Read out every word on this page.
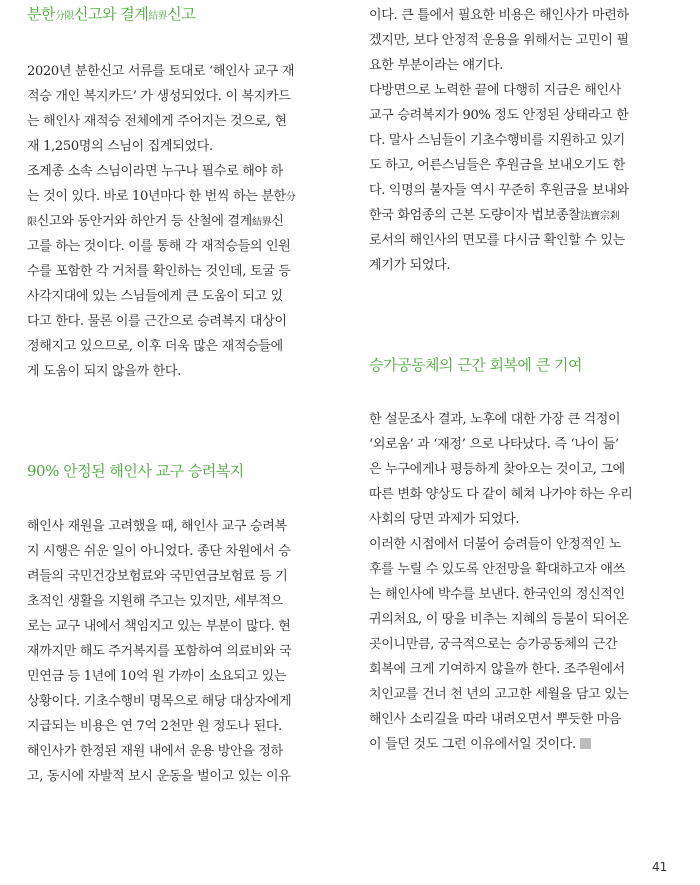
분한分限신고와 결계結界신고
2020년 분한신고 서류를 토대로 ‘해인사 교구 재
적승 개인 복지카드’ 가 생성되었다. 이 복지카드
는 해인사 재적승 전체에게 주어지는 것으로, 현
재 1,250명의 스님이 집계되었다.
조계종 소속 스님이라면 누구나 필수로 해야 하
는 것이 있다. 바로 10년마다 한 번씩 하는 분한分
限신고와 동안거와 하안거 등 산철에 결계結界신
고를 하는 것이다. 이를 통해 각 재적승들의 인원
수를 포함한 각 거처를 확인하는 것인데, 토굴 등
사각지대에 있는 스님들에게 큰 도움이 되고 있
다고 한다. 물론 이를 근간으로 승려복지 대상이
정해지고 있으므로, 이후 더욱 많은 재적승들에
게 도움이 되지 않을까 한다.
90% 안정된 해인사 교구 승려복지
해인사 재원을 고려했을 때, 해인사 교구 승려복
지 시행은 쉬운 일이 아니었다. 종단 차원에서 승
려들의 국민건강보험료와 국민연금보험료 등 기
초적인 생활을 지원해 주고는 있지만, 세부적으
로는 교구 내에서 책임지고 있는 부분이 많다. 현
재까지만 해도 주거복지를 포함하여 의료비와 국
민연금 등 1년에 10억 원 가까이 소요되고 있는
상황이다. 기초수행비 명목으로 해당 대상자에게
지급되는 비용은 연 7억 2천만 원 정도나 된다.
해인사가 한정된 재원 내에서 운용 방안을 정하
고, 동시에 자발적 보시 운동을 벌이고 있는 이유
이다. 큰 틀에서 필요한 비용은 해인사가 마련하
겠지만, 보다 안정적 운용을 위해서는 고민이 필
요한 부분이라는 얘기다.
다방면으로 노력한 끝에 다행히 지금은 해인사
교구 승려복지가 90% 정도 안정된 상태라고 한
다. 말사 스님들이 기초수행비를 지원하고 있기
도 하고, 어른스님들은 후원금을 보내오기도 한
다. 익명의 불자들 역시 꾸준히 후원금을 보내와
한국 화엄종의 근본 도량이자 법보종찰法寶宗剎
로서의 해인사의 면모를 다시금 확인할 수 있는
계기가 되었다.
승가공동체의 근간 회복에 큰 기여
한 설문조사 결과, 노후에 대한 가장 큰 걱정이
‘외로움’ 과 ‘재정’ 으로 나타났다. 즉 ‘나이 듦’
은 누구에게나 평등하게 찾아오는 것이고, 그에
따른 변화 양상도 다 같이 헤쳐 나가야 하는 우리
사회의 당면 과제가 되었다.
이러한 시점에서 더불어 승려들이 안정적인 노
후를 누릴 수 있도록 안전망을 확대하고자 애쓰
는 해인사에 박수를 보낸다. 한국인의 정신적인
귀의처요, 이 땅을 비추는 지혜의 등불이 되어온
곳이니만큼, 궁극적으로는 승가공동체의 근간
회복에 크게 기여하지 않을까 한다. 조주원에서
치인교를 건너 천 년의 고고한 세월을 담고 있는
해인사 소리길을 따라 내려오면서 뿌듯한 마음
이 들던 것도 그런 이유에서일 것이다.
41
